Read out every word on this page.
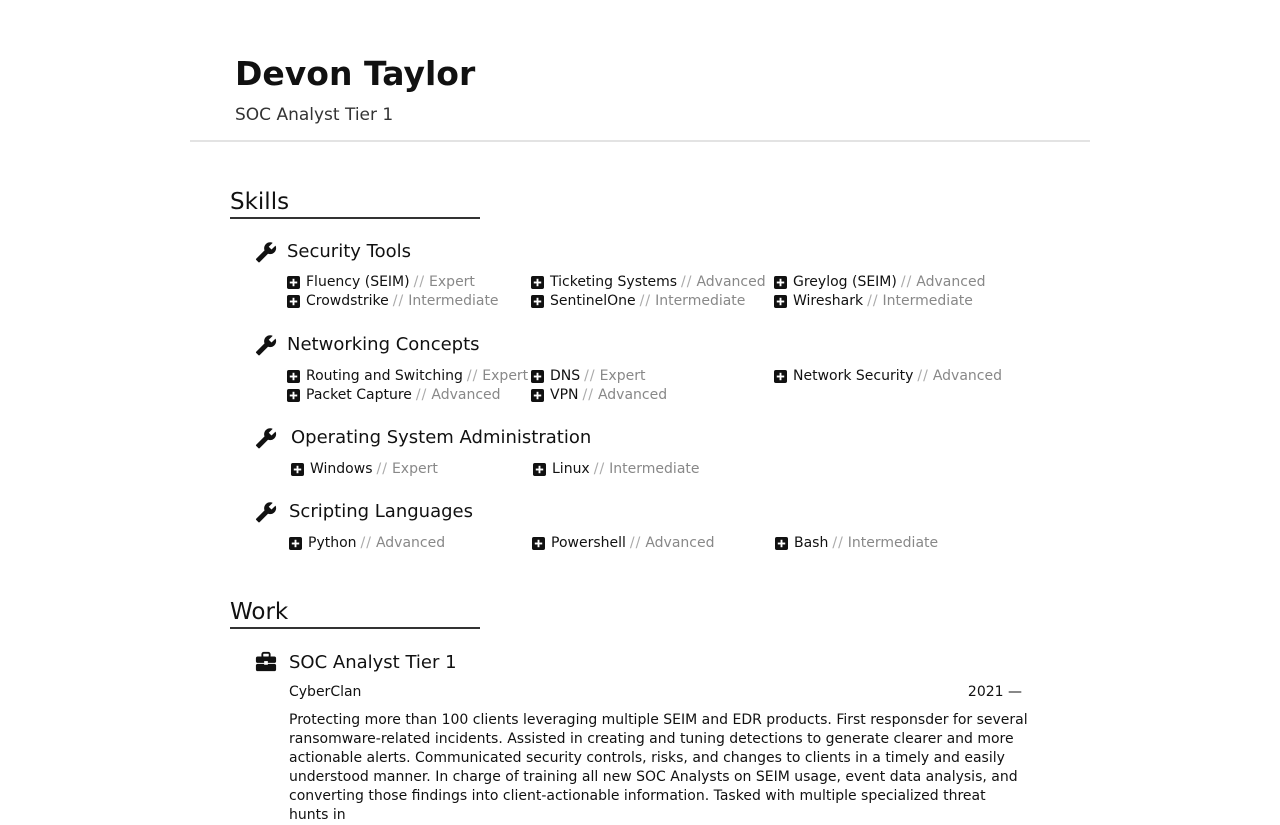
Devon Taylor
SOC Analyst Tier 1
Skills
Security Tools
Fluency (SEIM) // Expert	Ticketing Systems // Advanced Greylog (SEIM) // Advanced
Crowdstrike // Intermediate	SentinelOne // Intermediate	Wireshark // Intermediate
Networking Concepts
Routing and Switching // Expert DNS // Expert	Network Security // Advanced
Packet Capture // Advanced	VPN // Advanced
Operating System Administration
Windows // Expert	Linux // Intermediate
Scripting Languages
Python // Advanced	Powershell // Advanced	Bash // Intermediate
Work
SOC Analyst Tier 1
CyberClan	2021 —
Protecting more than 100 clients leveraging multiple SEIM and EDR products. First responsder for several ransomware-related incidents. Assisted in creating and tuning detections to generate clearer and more actionable alerts. Communicated security controls, risks, and changes to clients in a timely and easily understood manner. In charge of training all new SOC Analysts on SEIM usage, event data analysis, and converting those findings into client-actionable information. Tasked with multiple specialized threat hunts in
